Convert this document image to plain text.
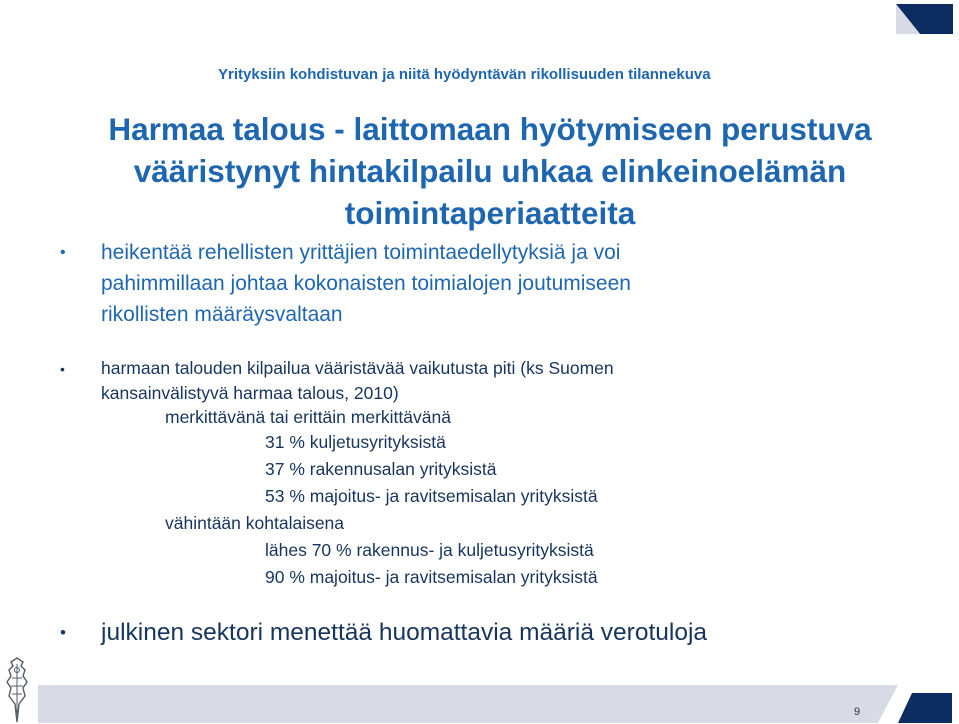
Yrityksiin kohdistuvan ja niitä hyödyntävän rikollisuuden tilannekuva
Harmaa talous - laittomaan hyötymiseen perustuva
vääristynyt hintakilpailu uhkaa elinkeinoelämän
toimintaperiaatteita
• heikentää rehellisten yrittäjien toimintaedellytyksiä ja voi
pahimmillaan johtaa kokonaisten toimialojen joutumiseen
rikollisten määräysvaltaan
• harmaan talouden kilpailua vääristävää vaikutusta piti (ks Suomen
kansainvälistyvä harmaa talous, 2010)
merkittävänä tai erittäin merkittävänä
31 % kuljetusyrityksistä
37 % rakennusalan yrityksistä
53 % majoitus- ja ravitsemisalan yrityksistä
vähintään kohtalaisena
lähes 70 % rakennus- ja kuljetusyrityksistä
90 % majoitus- ja ravitsemisalan yrityksistä
• julkinen sektori menettää huomattavia määriä verotuloja
9
